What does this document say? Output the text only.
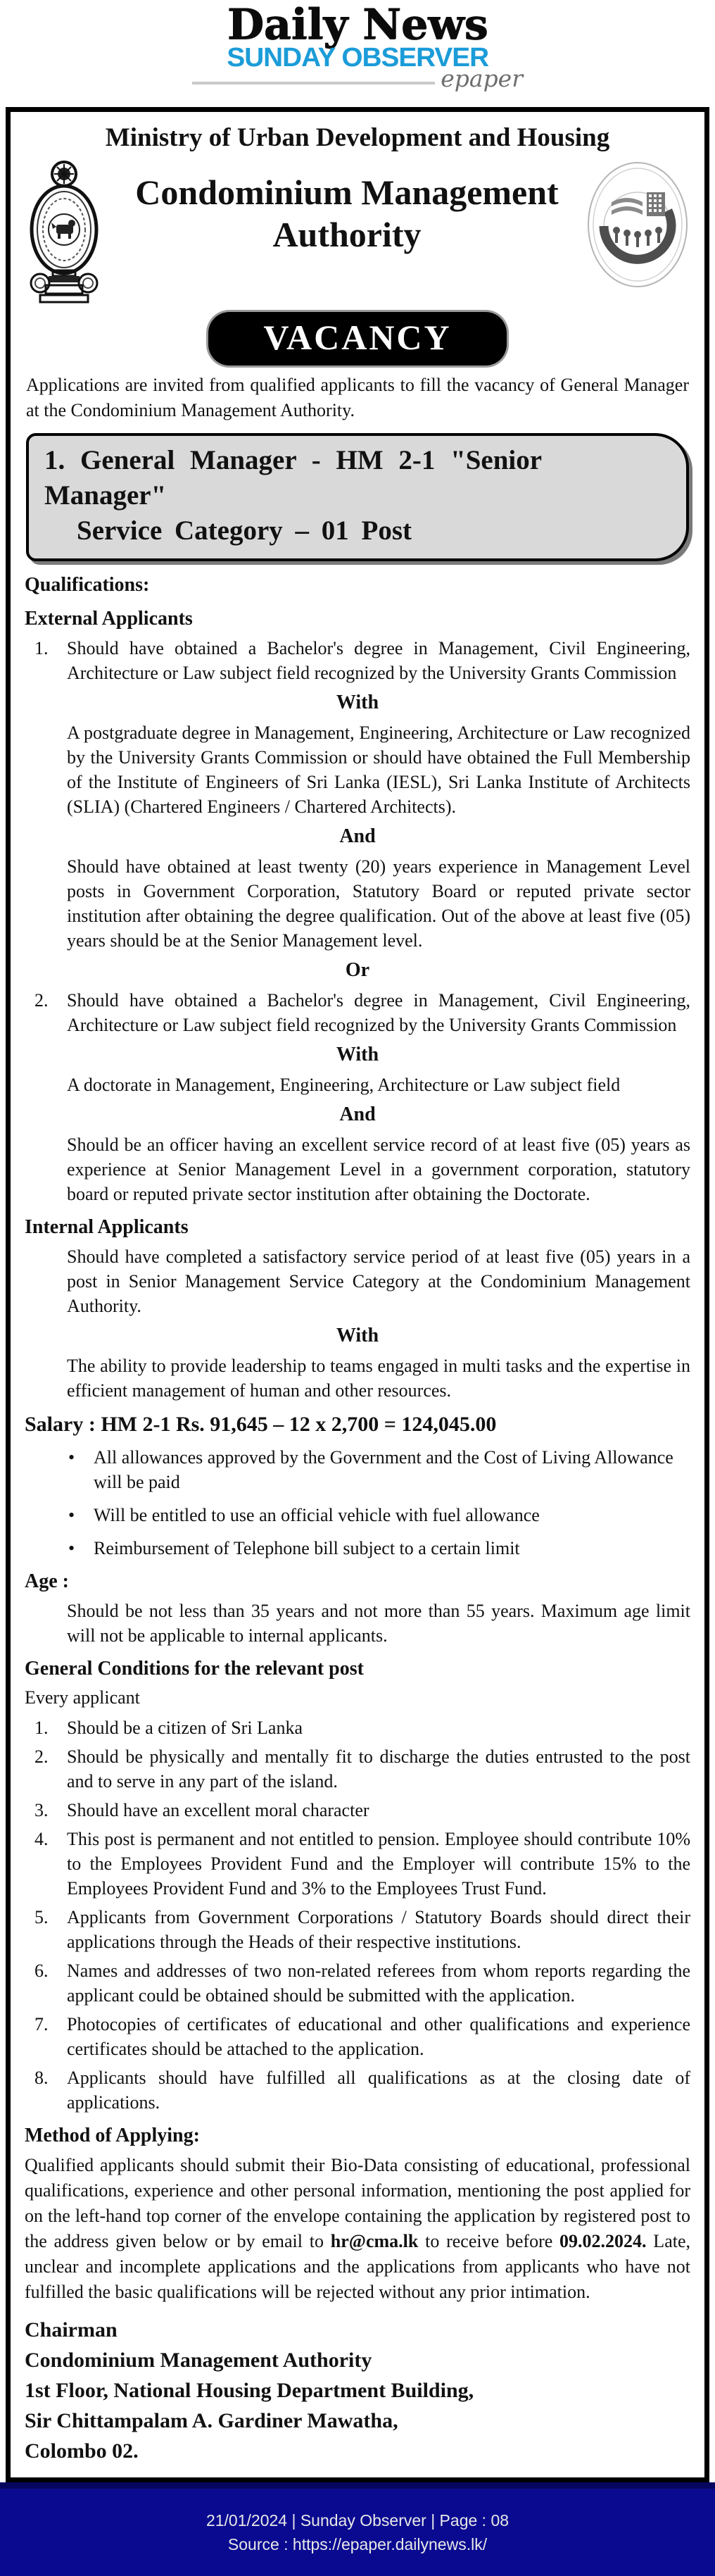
Daily News
SUNDAY OBSERVER
epaper
Ministry of Urban Development and Housing
Condominium Management
Authority
VACANCY
Applications are invited from qualified applicants to fill the vacancy of General Manager at the Condominium Management Authority.
1. General Manager - HM 2-1 "Senior Manager"
Service Category – 01 Post
Qualifications:
External Applicants
1.	Should have obtained a Bachelor's degree in Management, Civil Engineering, Architecture or Law subject field recognized by the University Grants Commission
With
A postgraduate degree in Management, Engineering, Architecture or Law recognized by the University Grants Commission or should have obtained the Full Membership of the Institute of Engineers of Sri Lanka (IESL), Sri Lanka Institute of Architects (SLIA) (Chartered Engineers / Chartered Architects).
And
Should have obtained at least twenty (20) years experience in Management Level posts in Government Corporation, Statutory Board or reputed private sector institution after obtaining the degree qualification. Out of the above at least five (05) years should be at the Senior Management level.
Or
2.	Should have obtained a Bachelor's degree in Management, Civil Engineering, Architecture or Law subject field recognized by the University Grants Commission
With
A doctorate in Management, Engineering, Architecture or Law subject field
And
Should be an officer having an excellent service record of at least five (05) years as experience at Senior Management Level in a government corporation, statutory board or reputed private sector institution after obtaining the Doctorate.
Internal Applicants
Should have completed a satisfactory service period of at least five (05) years in a post in Senior Management Service Category at the Condominium Management Authority.
With
The ability to provide leadership to teams engaged in multi tasks and the expertise in efficient management of human and other resources.
Salary : HM 2-1 Rs. 91,645 – 12 x 2,700 = 124,045.00
•	All allowances approved by the Government and the Cost of Living Allowance will be paid
•	Will be entitled to use an official vehicle with fuel allowance
•	Reimbursement of Telephone bill subject to a certain limit
Age :
Should be not less than 35 years and not more than 55 years. Maximum age limit will not be applicable to internal applicants.
General Conditions for the relevant post
Every applicant
1.	Should be a citizen of Sri Lanka
2.	Should be physically and mentally fit to discharge the duties entrusted to the post and to serve in any part of the island.
3.	Should have an excellent moral character
4.	This post is permanent and not entitled to pension. Employee should contribute 10% to the Employees Provident Fund and the Employer will contribute 15% to the Employees Provident Fund and 3% to the Employees Trust Fund.
5.	Applicants from Government Corporations / Statutory Boards should direct their applications through the Heads of their respective institutions.
6.	Names and addresses of two non-related referees from whom reports regarding the applicant could be obtained should be submitted with the application.
7.	Photocopies of certificates of educational and other qualifications and experience certificates should be attached to the application.
8.	Applicants should have fulfilled all qualifications as at the closing date of applications.
Method of Applying:
Qualified applicants should submit their Bio-Data consisting of educational, professional qualifications, experience and other personal information, mentioning the post applied for on the left-hand top corner of the envelope containing the application by registered post to the address given below or by email to hr@cma.lk to receive before 09.02.2024. Late, unclear and incomplete applications and the applications from applicants who have not fulfilled the basic qualifications will be rejected without any prior intimation.
Chairman
Condominium Management Authority
1st Floor, National Housing Department Building,
Sir Chittampalam A. Gardiner Mawatha,
Colombo 02.
21/01/2024 | Sunday Observer | Page : 08
Source : https://epaper.dailynews.lk/
